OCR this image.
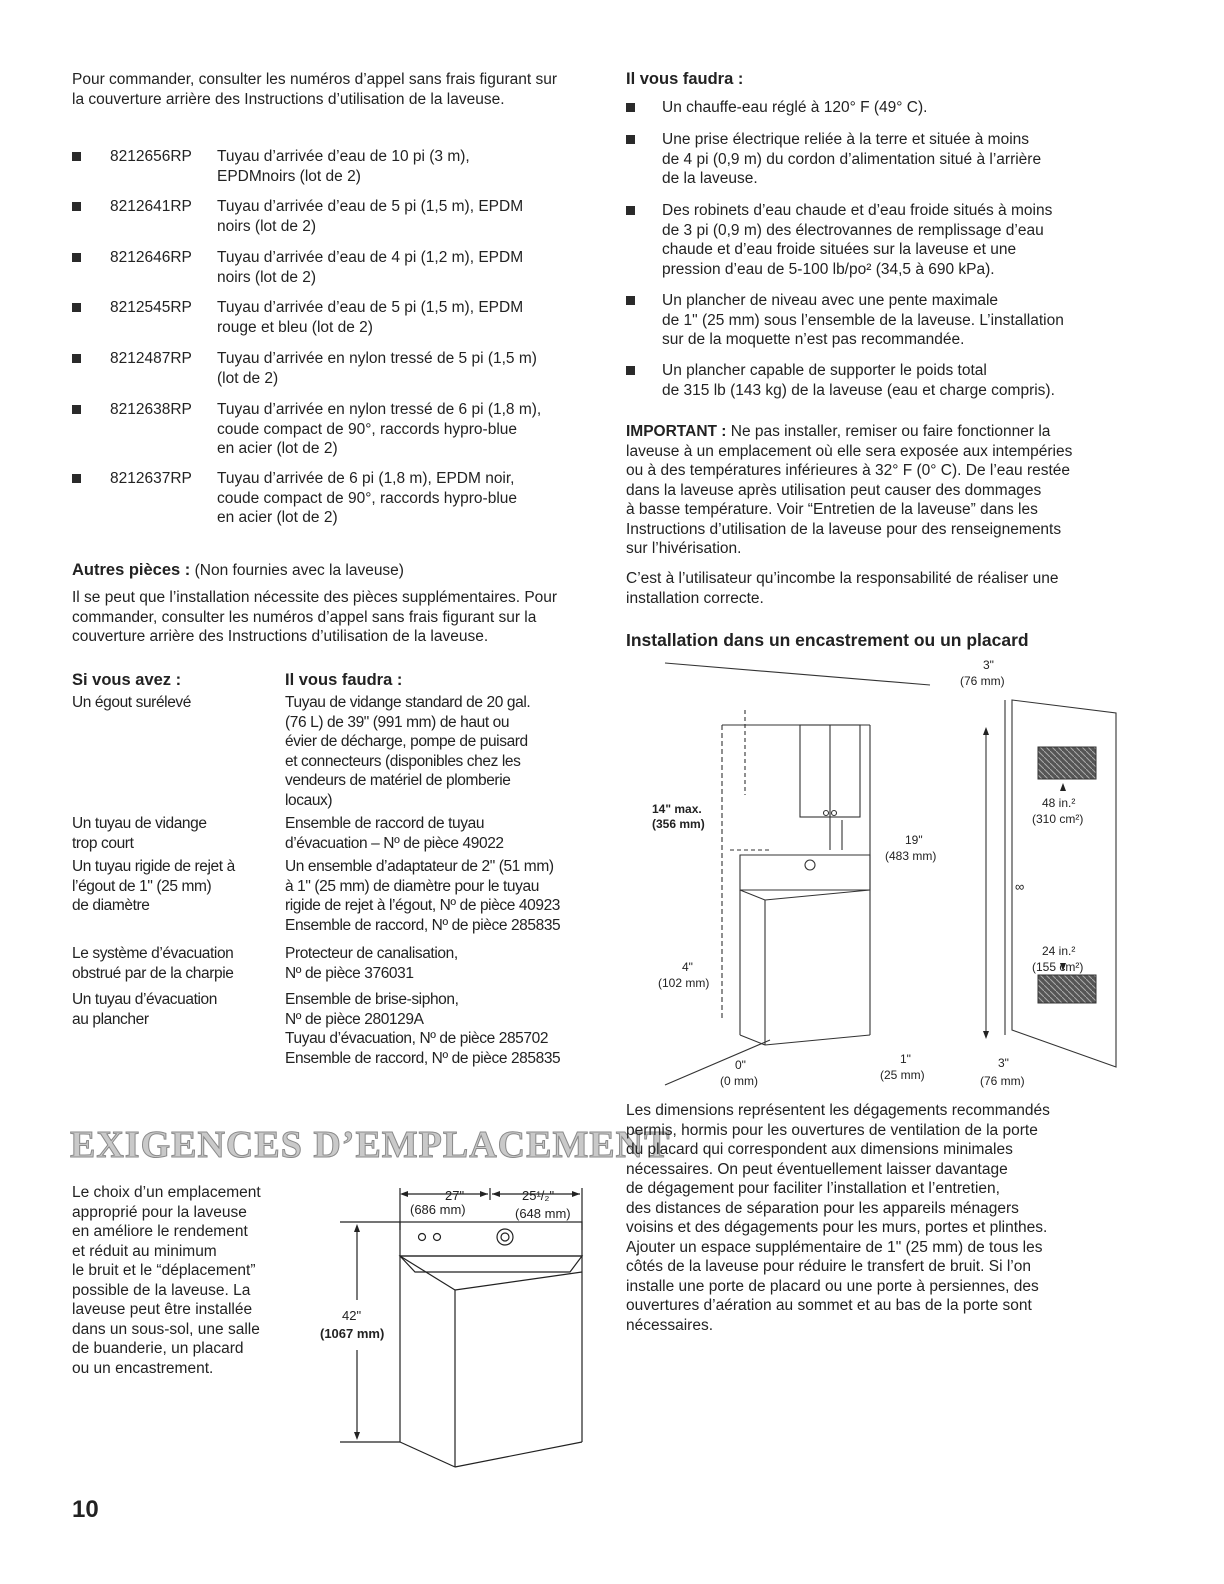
Pour commander, consulter les numéros d’appel sans frais figurant sur la couverture arrière des Instructions d’utilisation de la laveuse.
8212656RP Tuyau d’arrivée d’eau de 10 pi (3 m),
EPDMnoirs (lot de 2)
8212641RP Tuyau d’arrivée d’eau de 5 pi (1,5 m), EPDM
noirs (lot de 2)
8212646RP Tuyau d’arrivée d’eau de 4 pi (1,2 m), EPDM
noirs (lot de 2)
8212545RP Tuyau d’arrivée d’eau de 5 pi (1,5 m), EPDM
rouge et bleu (lot de 2)
8212487RP Tuyau d’arrivée en nylon tressé de 5 pi (1,5 m)
(lot de 2)
8212638RP Tuyau d’arrivée en nylon tressé de 6 pi (1,8 m),
coude compact de 90°, raccords hypro-blue
en acier (lot de 2)
8212637RP Tuyau d’arrivée de 6 pi (1,8 m), EPDM noir,
coude compact de 90°, raccords hypro-blue
en acier (lot de 2)
Autres pièces : (Non fournies avec la laveuse)
Il se peut que l’installation nécessite des pièces supplémentaires. Pour commander, consulter les numéros d’appel sans frais figurant sur la couverture arrière des Instructions d’utilisation de la laveuse.
Si vous avez :	Il vous faudra :
Un égout surélevé	Tuyau de vidange standard de 20 gal.
(76 L) de 39" (991 mm) de haut ou
évier de décharge, pompe de puisard
et connecteurs (disponibles chez les
vendeurs de matériel de plomberie
locaux)
Un tuyau de vidange
trop court
Ensemble de raccord de tuyau
d’évacuation – Nº de pièce 49022
Un tuyau rigide de rejet à
l’égout de 1" (25 mm)
de diamètre
Un ensemble d’adaptateur de 2" (51 mm)
à 1" (25 mm) de diamètre pour le tuyau
rigide de rejet à l’égout, Nº de pièce 40923
Ensemble de raccord, Nº de pièce 285835
Le système d’évacuation
obstrué par de la charpie
Protecteur de canalisation,
Nº de pièce 376031
Un tuyau d’évacuation
au plancher
Ensemble de brise-siphon,
Nº de pièce 280129A
Tuyau d’évacuation, Nº de pièce 285702
Ensemble de raccord, Nº de pièce 285835
EXIGENCES D’EMPLACEMENT
Le choix d’un emplacement
approprié pour la laveuse
en améliore le rendement
et réduit au minimum
le bruit et le “déplacement”
possible de la laveuse. La
laveuse peut être installée
dans un sous-sol, une salle
de buanderie, un placard
ou un encastrement.
27"
(686 mm)
25¹/₂"
(648 mm)
42"
(1067 mm)
10
Il vous faudra :
Un chauffe-eau réglé à 120° F (49° C).
Une prise électrique reliée à la terre et située à moins
de 4 pi (0,9 m) du cordon d’alimentation situé à l’arrière
de la laveuse.
Des robinets d’eau chaude et d’eau froide situés à moins
de 3 pi (0,9 m) des électrovannes de remplissage d’eau
chaude et d’eau froide situées sur la laveuse et une
pression d’eau de 5-100 lb/po² (34,5 à 690 kPa).
Un plancher de niveau avec une pente maximale
de 1" (25 mm) sous l’ensemble de la laveuse. L’installation
sur de la moquette n’est pas recommandée.
Un plancher capable de supporter le poids total
de 315 lb (143 kg) de la laveuse (eau et charge compris).
IMPORTANT : Ne pas installer, remiser ou faire fonctionner la
laveuse à un emplacement où elle sera exposée aux intempéries
ou à des températures inférieures à 32° F (0° C). De l’eau restée
dans la laveuse après utilisation peut causer des dommages
à basse température. Voir “Entretien de la laveuse” dans les
Instructions d’utilisation de la laveuse pour des renseignements
sur l’hivérisation.
C’est à l’utilisateur qu’incombe la responsabilité de réaliser une
installation correcte.
Installation dans un encastrement ou un placard
3"
(76 mm)
14" max.
(356 mm)
19"
(483 mm)
48 in.²
(310 cm²)
∞
24 in.²
(155 cm²)
4"
(102 mm)
0"
(0 mm)
1"
(25 mm)
3"
(76 mm)
Les dimensions représentent les dégagements recommandés
permis, hormis pour les ouvertures de ventilation de la porte
du placard qui correspondent aux dimensions minimales
nécessaires. On peut éventuellement laisser davantage
de dégagement pour faciliter l’installation et l’entretien,
des distances de séparation pour les appareils ménagers
voisins et des dégagements pour les murs, portes et plinthes.
Ajouter un espace supplémentaire de 1" (25 mm) de tous les
côtés de la laveuse pour réduire le transfert de bruit. Si l’on
installe une porte de placard ou une porte à persiennes, des
ouvertures d’aération au sommet et au bas de la porte sont
nécessaires.
